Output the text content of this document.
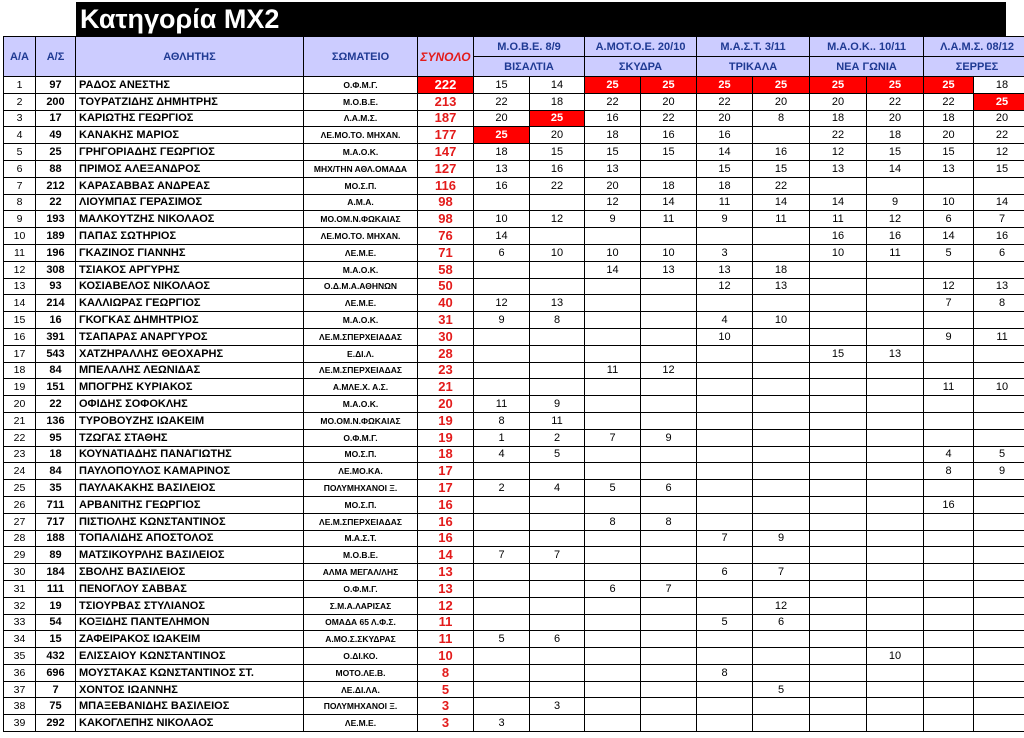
Κατηγορία MX2
Α/Α	Α/Σ	ΑΘΛΗΤΗΣ	ΣΩΜΑΤΕΙΟ	ΣΥΝΟΛΟ	Μ.Ο.Β.Ε. 8/9		Α.ΜΟΤ.Ο.Ε. 20/10		Μ.Α.Σ.Τ. 3/11		Μ.Α.Ο.Κ.. 10/11		Λ.Α.Μ.Σ. 08/12	
					ΒΙΣΑΛΤΙΑ		ΣΚΥΔΡΑ		ΤΡΙΚΑΛΑ		ΝΕΑ ΓΩΝΙΑ		ΣΕΡΡΕΣ	
1	97	ΡΑΔΟΣ ΑΝΕΣΤΗΣ	Ο.Φ.Μ.Γ.	222	15	14	25	25	25	25	25	25	25	18
2	200	ΤΟΥΡΑΤΖΙΔΗΣ ΔΗΜΗΤΡΗΣ	Μ.Ο.Β.Ε.	213	22	18	22	20	22	20	20	22	22	25
3	17	ΚΑΡΙΩΤΗΣ ΓΕΩΡΓΙΟΣ	Λ.Α.Μ.Σ.	187	20	25	16	22	20	8	18	20	18	20
4	49	ΚΑΝΑΚΗΣ ΜΑΡΙΟΣ	ΛΕ.ΜΟ.ΤΟ. ΜΗΧΑΝ.	177	25	20	18	16	16		22	18	20	22
5	25	ΓΡΗΓΟΡΙΑΔΗΣ ΓΕΩΡΓΙΟΣ	Μ.Α.Ο.Κ.	147	18	15	15	15	14	16	12	15	15	12
6	88	ΠΡΙΜΟΣ ΑΛΕΞΑΝΔΡΟΣ	ΜΗΧ/ΤΗΝ ΑΘΛ.ΟΜΑΔΑ	127	13	16	13		15	15	13	14	13	15
7	212	ΚΑΡΑΣΑΒΒΑΣ ΑΝΔΡΕΑΣ	ΜΟ.Σ.Π.	116	16	22	20	18	18	22				
8	22	ΛΙΟΥΜΠΑΣ ΓΕΡΑΣΙΜΟΣ	Α.Μ.Α.	98			12	14	11	14	14	9	10	14
9	193	ΜΑΛΚΟΥΤΖΗΣ ΝΙΚΟΛΑΟΣ	ΜΟ.ΟΜ.Ν.ΦΩΚΑΙΑΣ	98	10	12	9	11	9	11	11	12	6	7
10	189	ΠΑΠΑΣ ΣΩΤΗΡΙΟΣ	ΛΕ.ΜΟ.ΤΟ. ΜΗΧΑΝ.	76	14						16	16	14	16
11	196	ΓΚΑΖΙΝΟΣ ΓΙΑΝΝΗΣ	ΛΕ.Μ.Ε.	71	6	10	10	10	3		10	11	5	6
12	308	ΤΣΙΑΚΟΣ ΑΡΓΥΡΗΣ	Μ.Α.Ο.Κ.	58			14	13	13	18				
13	93	ΚΟΣΙΑΒΕΛΟΣ ΝΙΚΟΛΑΟΣ	Ο.Δ.Μ.Α.ΑΘΗΝΩΝ	50					12	13			12	13
14	214	ΚΑΛΛΙΩΡΑΣ ΓΕΩΡΓΙΟΣ	ΛΕ.Μ.Ε.	40	12	13							7	8
15	16	ΓΚΟΓΚΑΣ ΔΗΜΗΤΡΙΟΣ	Μ.Α.Ο.Κ.	31	9	8			4	10				
16	391	ΤΣΑΠΑΡΑΣ ΑΝΑΡΓΥΡΟΣ	ΛΕ.Μ.ΣΠΕΡΧΕΙΑΔΑΣ	30					10				9	11
17	543	ΧΑΤΖΗΡΑΛΛΗΣ ΘΕΟΧΑΡΗΣ	Ε.ΔΙ.Λ.	28							15	13		
18	84	ΜΠΕΛΑΛΗΣ ΛΕΩΝΙΔΑΣ	ΛΕ.Μ.ΣΠΕΡΧΕΙΑΔΑΣ	23			11	12						
19	151	ΜΠΟΓΡΗΣ ΚΥΡΙΑΚΟΣ	Α.ΜΛΕ.Χ. Α.Σ.	21									11	10
20	22	ΟΦΙΔΗΣ ΣΟΦΟΚΛΗΣ	Μ.Α.Ο.Κ.	20	11	9								
21	136	ΤΥΡΟΒΟΥΖΗΣ ΙΩΑΚΕΙΜ	ΜΟ.ΟΜ.Ν.ΦΩΚΑΙΑΣ	19	8	11								
22	95	ΤΖΩΓΑΣ ΣΤΑΘΗΣ	Ο.Φ.Μ.Γ.	19	1	2	7	9						
23	18	ΚΟΥΝΑΤΙΑΔΗΣ ΠΑΝΑΓΙΩΤΗΣ	ΜΟ.Σ.Π.	18	4	5							4	5
24	84	ΠΑΥΛΟΠΟΥΛΟΣ ΚΑΜΑΡΙΝΟΣ	ΛΕ.ΜΟ.ΚΑ.	17									8	9
25	35	ΠΑΥΛΑΚΑΚΗΣ ΒΑΣΙΛΕΙΟΣ	ΠΟΛΥΜΗΧΑΝΟΙ Ξ.	17	2	4	5	6						
26	711	ΑΡΒΑΝΙΤΗΣ ΓΕΩΡΓΙΟΣ	ΜΟ.Σ.Π.	16									16	
27	717	ΠΙΣΤΙΟΛΗΣ ΚΩΝΣΤΑΝΤΙΝΟΣ	ΛΕ.Μ.ΣΠΕΡΧΕΙΑΔΑΣ	16			8	8						
28	188	ΤΟΠΑΛΙΔΗΣ ΑΠΟΣΤΟΛΟΣ	Μ.Α.Σ.Τ.	16					7	9				
29	89	ΜΑΤΣΙΚΟΥΡΛΗΣ ΒΑΣΙΛΕΙΟΣ	Μ.Ο.Β.Ε.	14	7	7								
30	184	ΣΒΟΛΗΣ ΒΑΣΙΛΕΙΟΣ	ΑΛΜΑ ΜΕΓΑΛ/ΛΗΣ	13					6	7				
31	111	ΠΕΝΟΓΛΟΥ ΣΑΒΒΑΣ	Ο.Φ.Μ.Γ.	13			6	7						
32	19	ΤΣΙΟΥΡΒΑΣ ΣΤΥΛΙΑΝΟΣ	Σ.Μ.Α.ΛΑΡΙΣΑΣ	12						12				
33	54	ΚΟΞΙΔΗΣ ΠΑΝΤΕΛΗΜΟΝ	ΟΜΑΔΑ 65 Λ.Φ.Σ.	11					5	6				
34	15	ΖΑΦΕΙΡΑΚΟΣ ΙΩΑΚΕΙΜ	Α.ΜΟ.Σ.ΣΚΥΔΡΑΣ	11	5	6								
35	432	ΕΛΙΣΣΑΙΟΥ ΚΩΝΣΤΑΝΤΙΝΟΣ	Ο.ΔΙ.ΚΟ.	10								10		
36	696	ΜΟΥΣΤΑΚΑΣ ΚΩΝΣΤΑΝΤΙΝΟΣ ΣΤ.	ΜΟΤΟ.ΛΕ.Β.	8					8					
37	7	ΧΟΝΤΟΣ ΙΩΑΝΝΗΣ	ΛΕ.ΔΙ.ΛΑ.	5						5				
38	75	ΜΠΑΞΕΒΑΝΙΔΗΣ ΒΑΣΙΛΕΙΟΣ	ΠΟΛΥΜΗΧΑΝΟΙ Ξ.	3		3								
39	292	ΚΑΚΟΓΛΕΠΗΣ ΝΙΚΟΛΑΟΣ	ΛΕ.Μ.Ε.	3	3									
